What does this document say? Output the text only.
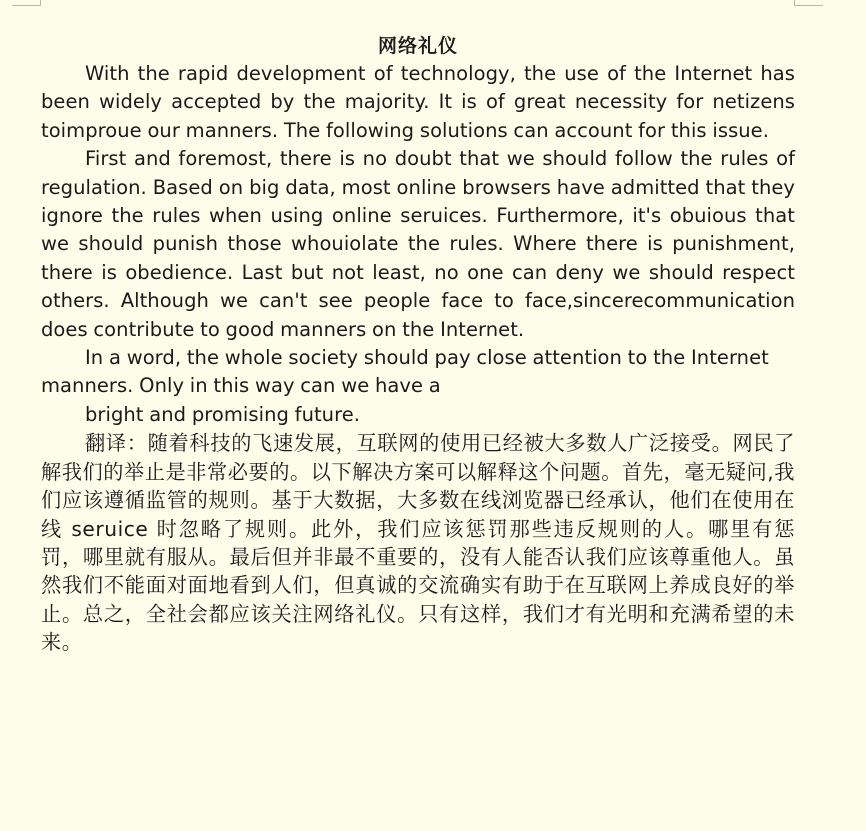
网络礼仪

With the rapid development of technology, the use of the Internet has been widely accepted by the majority. It is of great necessity for netizens toimproue our manners. The following solutions can account for this issue.

First and foremost, there is no doubt that we should follow the rules of regulation. Based on big data, most online browsers have admitted that they ignore the rules when using online seruices. Furthermore, it's obuious that we should punish those whouiolate the rules. Where there is punishment, there is obedience. Last but not least, no one can deny we should respect others. Although we can't see people face to face,sincerecommunication does contribute to good manners on the Internet.

In a word, the whole society should pay close attention to the Internet manners. Only in this way can we have a

bright and promising future.

翻译：随着科技的飞速发展，互联网的使用已经被大多数人广泛接受。网民了解我们的举止是非常必要的。以下解决方案可以解释这个问题。首先，毫无疑问,我们应该遵循监管的规则。基于大数据，大多数在线浏览器已经承认，他们在使用在线 seruice 时忽略了规则。此外，我们应该惩罚那些违反规则的人。哪里有惩罚，哪里就有服从。最后但并非最不重要的，没有人能否认我们应该尊重他人。虽然我们不能面对面地看到人们，但真诚的交流确实有助于在互联网上养成良好的举止。总之，全社会都应该关注网络礼仪。只有这样，我们才有光明和充满希望的未来。
